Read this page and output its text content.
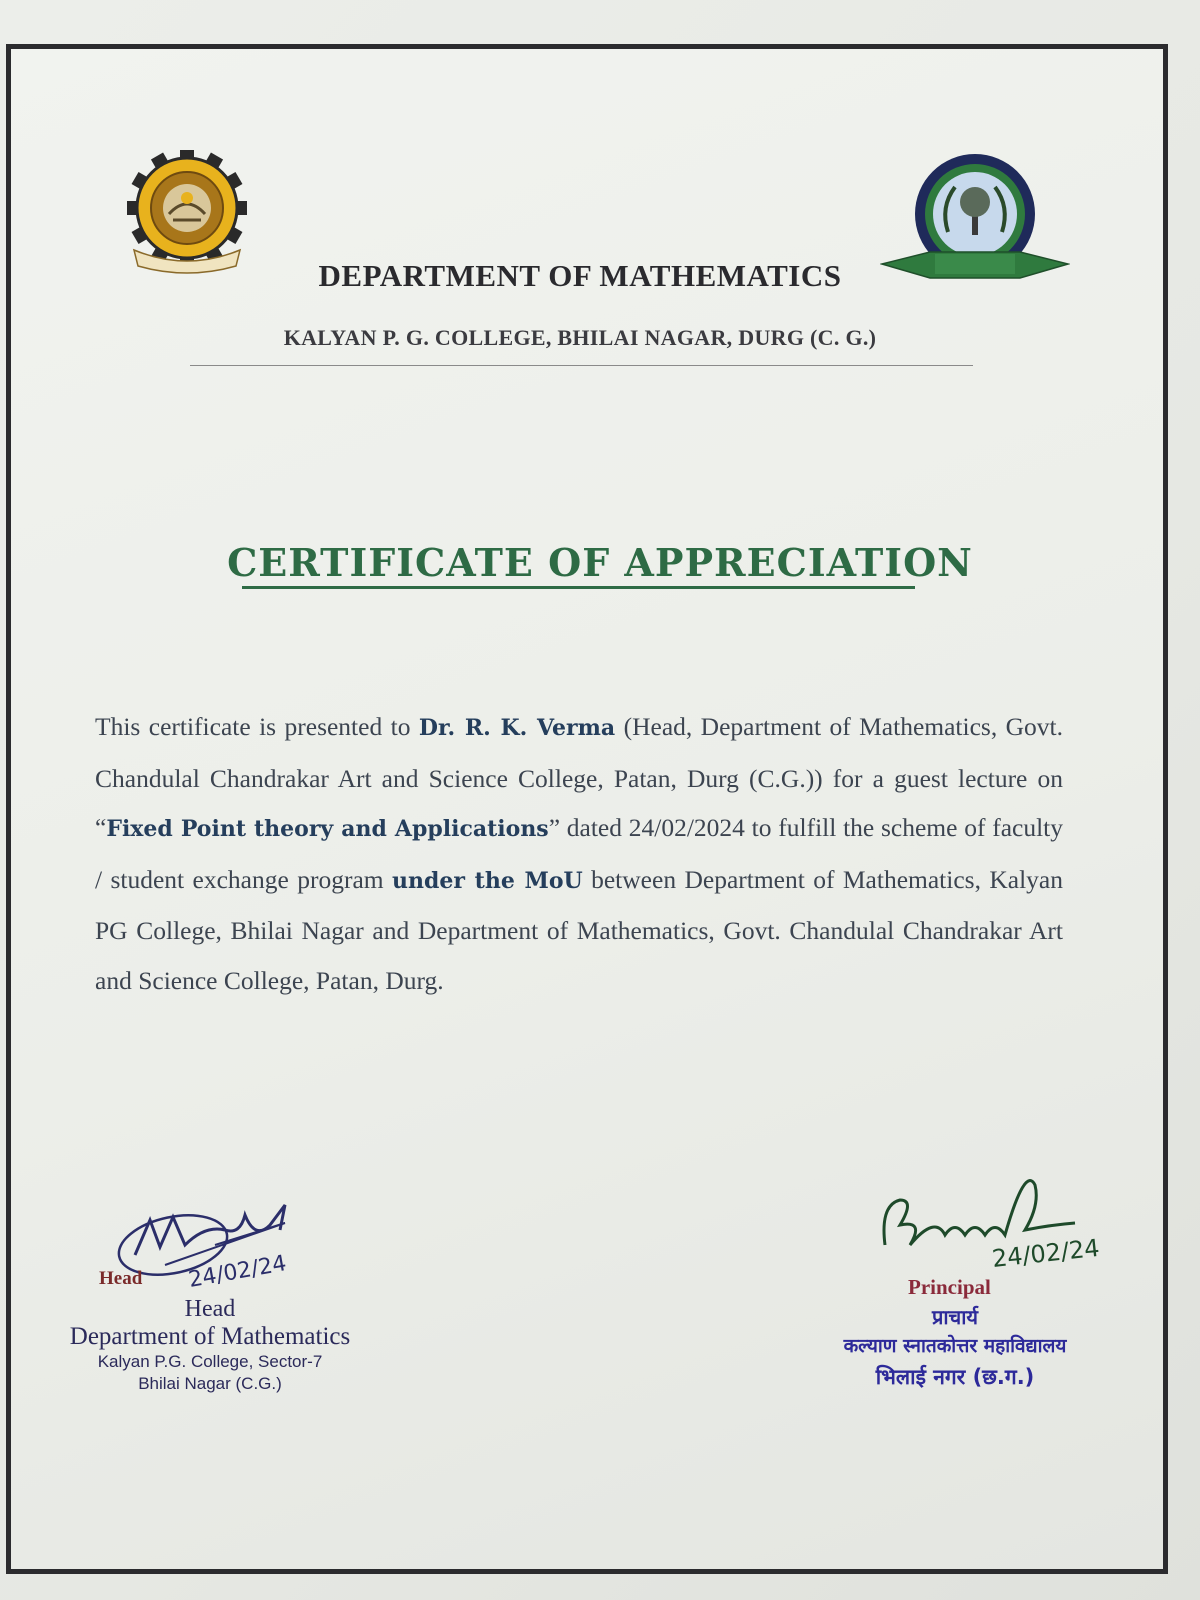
DEPARTMENT OF MATHEMATICS
KALYAN P. G. COLLEGE, BHILAI NAGAR, DURG (C. G.)
CERTIFICATE OF APPRECIATION
This certificate is presented to Dr. R. K. Verma (Head, Department of Mathematics, Govt. Chandulal Chandrakar Art and Science College, Patan, Durg (C.G.)) for a guest lecture on “Fixed Point theory and Applications” dated 24/02/2024 to fulfill the scheme of faculty / student exchange program under the MoU between Department of Mathematics, Kalyan PG College, Bhilai Nagar and Department of Mathematics, Govt. Chandulal Chandrakar Art and Science College, Patan, Durg.
24/02/24
Head
Head
Department of Mathematics
Kalyan P.G. College, Sector-7
Bhilai Nagar (C.G.)
24/02/24
Principal
प्राचार्य
कल्याण स्नातकोत्तर महाविद्यालय
भिलाई नगर (छ.ग.)
